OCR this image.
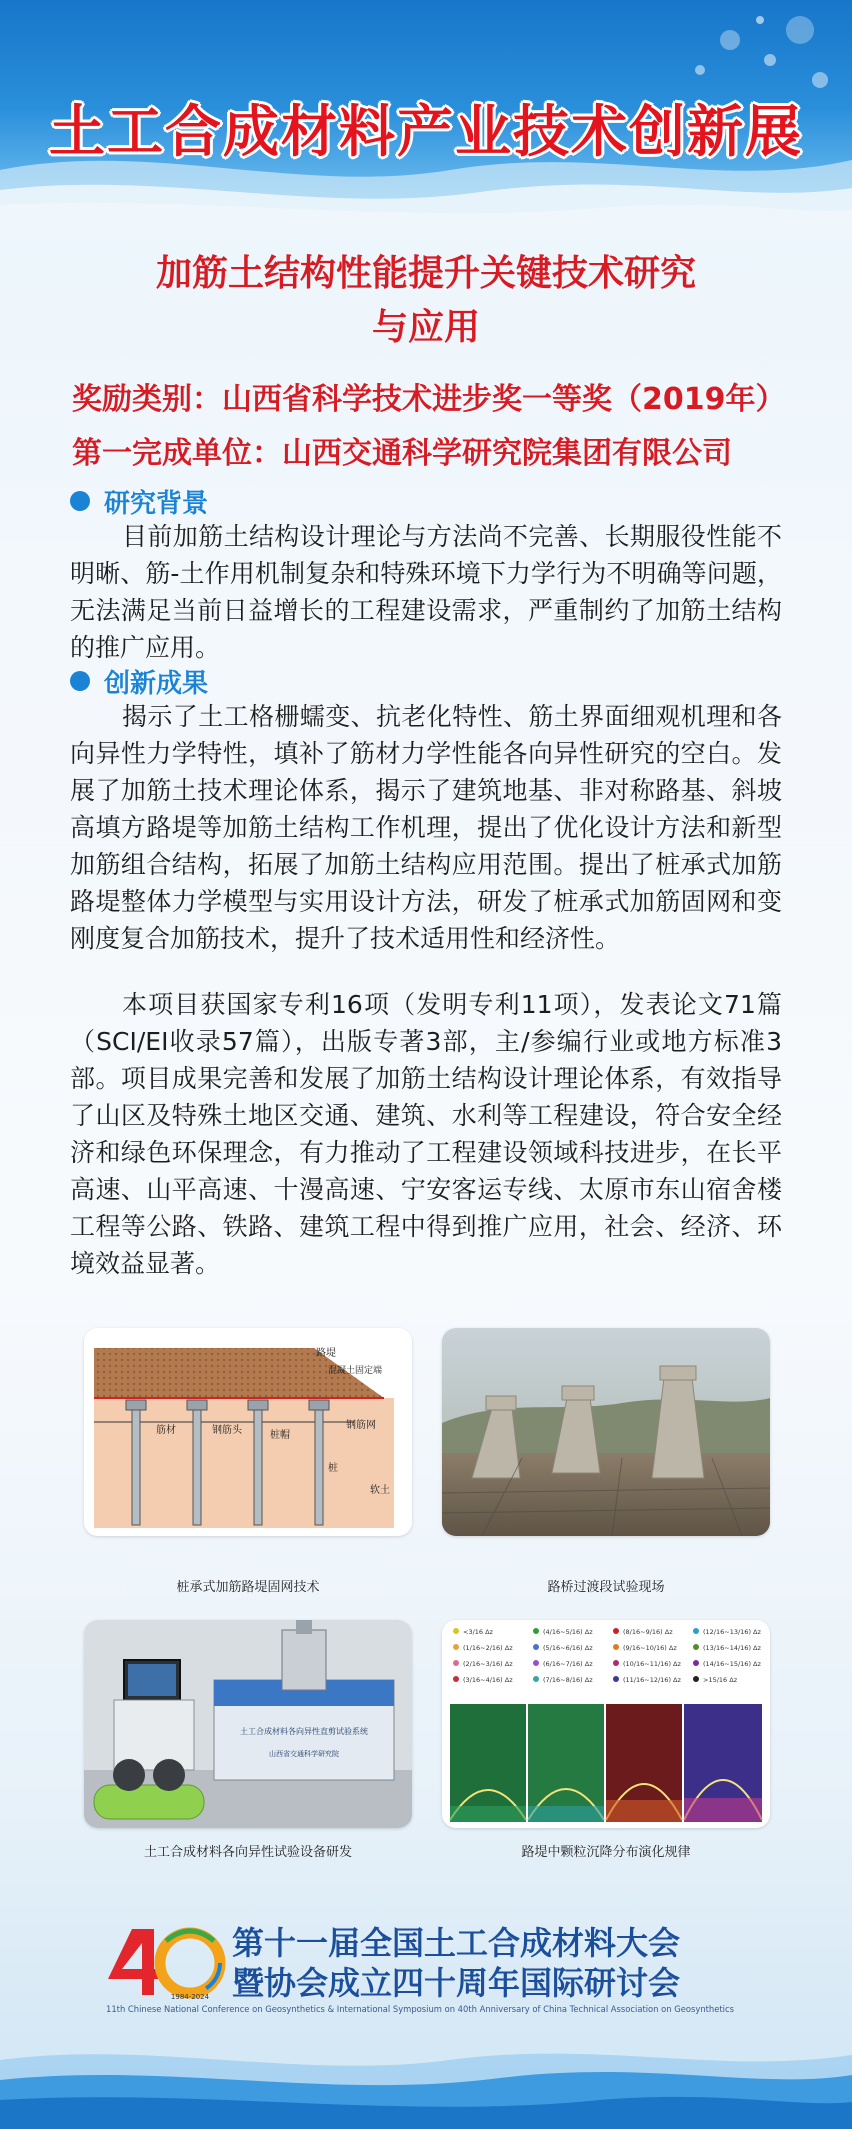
土工合成材料产业技术创新展
加筋土结构性能提升关键技术研究
与应用
奖励类别：山西省科学技术进步奖一等奖（2019年）
第一完成单位：山西交通科学研究院集团有限公司
研究背景

目前加筋土结构设计理论与方法尚不完善、长期服役性能不明晰、筋-土作用机制复杂和特殊环境下力学行为不明确等问题，无法满足当前日益增长的工程建设需求，严重制约了加筋土结构的推广应用。

创新成果

揭示了土工格栅蠕变、抗老化特性、筋土界面细观机理和各向异性力学特性，填补了筋材力学性能各向异性研究的空白。发展了加筋土技术理论体系，揭示了建筑地基、非对称路基、斜坡高填方路堤等加筋土结构工作机理，提出了优化设计方法和新型加筋组合结构，拓展了加筋土结构应用范围。提出了桩承式加筋路堤整体力学模型与实用设计方法，研发了桩承式加筋固网和变刚度复合加筋技术，提升了技术适用性和经济性。

本项目获国家专利16项（发明专利11项），发表论文71篇（SCI/EI收录57篇），出版专著3部，主/参编行业或地方标准3部。项目成果完善和发展了加筋土结构设计理论体系，有效指导了山区及特殊土地区交通、建筑、水利等工程建设，符合安全经济和绿色环保理念，有力推动了工程建设领域科技进步，在长平高速、山平高速、十漫高速、宁安客运专线、太原市东山宿舍楼工程等公路、铁路、建筑工程中得到推广应用，社会、经济、环境效益显著。

路堤
混凝土固定端
筋材	钢筋头	桩帽
钢筋网
桩
软土
桩承式加筋路堤固网技术	路桥过渡段试验现场
土工合成材料各向异性直剪试验系统
山西省交通科学研究院
土工合成材料各向异性试验设备研发
<3/16 Δz
(1/16~2/16) Δz
(2/16~3/16) Δz
(3/16~4/16) Δz
(4/16~5/16) Δz
(5/16~6/16) Δz
(6/16~7/16) Δz
(7/16~8/16) Δz
(8/16~9/16) Δz
(9/16~10/16) Δz
(10/16~11/16) Δz
(11/16~12/16) Δz
(12/16~13/16) Δz
(13/16~14/16) Δz
(14/16~15/16) Δz
>15/16 Δz
路堤中颗粒沉降分布演化规律
1984-2024
第十一届全国土工合成材料大会
暨协会成立四十周年国际研讨会
11th Chinese National Conference on Geosynthetics & International Symposium on 40th Anniversary of China Technical Association on Geosynthetics
